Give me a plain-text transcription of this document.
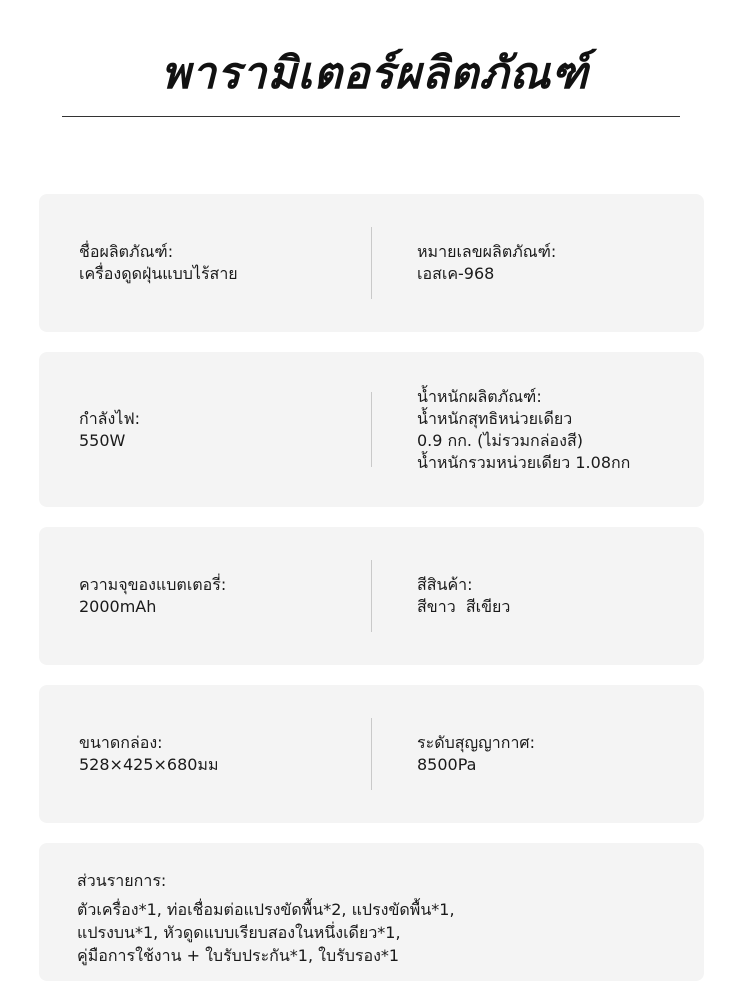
พารามิเตอร์ผลิตภัณฑ์
ชื่อผลิตภัณฑ์:
เครื่องดูดฝุ่นแบบไร้สาย
หมายเลขผลิตภัณฑ์:
เอสเค-968
กำลังไฟ:
550W
น้ำหนักผลิตภัณฑ์:
น้ำหนักสุทธิหน่วยเดียว
0.9 กก. (ไม่รวมกล่องสี)
น้ำหนักรวมหน่วยเดียว 1.08กก
ความจุของแบตเตอรี่:
2000mAh
สีสินค้า:
สีขาว  สีเขียว
ขนาดกล่อง:
528×425×680มม
ระดับสุญญากาศ:
8500Pa
ส่วนรายการ:
ตัวเครื่อง*1, ท่อเชื่อมต่อแปรงขัดพื้น*2, แปรงขัดพื้น*1,
แปรงบน*1, หัวดูดแบบเรียบสองในหนึ่งเดียว*1,
คู่มือการใช้งาน + ใบรับประกัน*1, ใบรับรอง*1
